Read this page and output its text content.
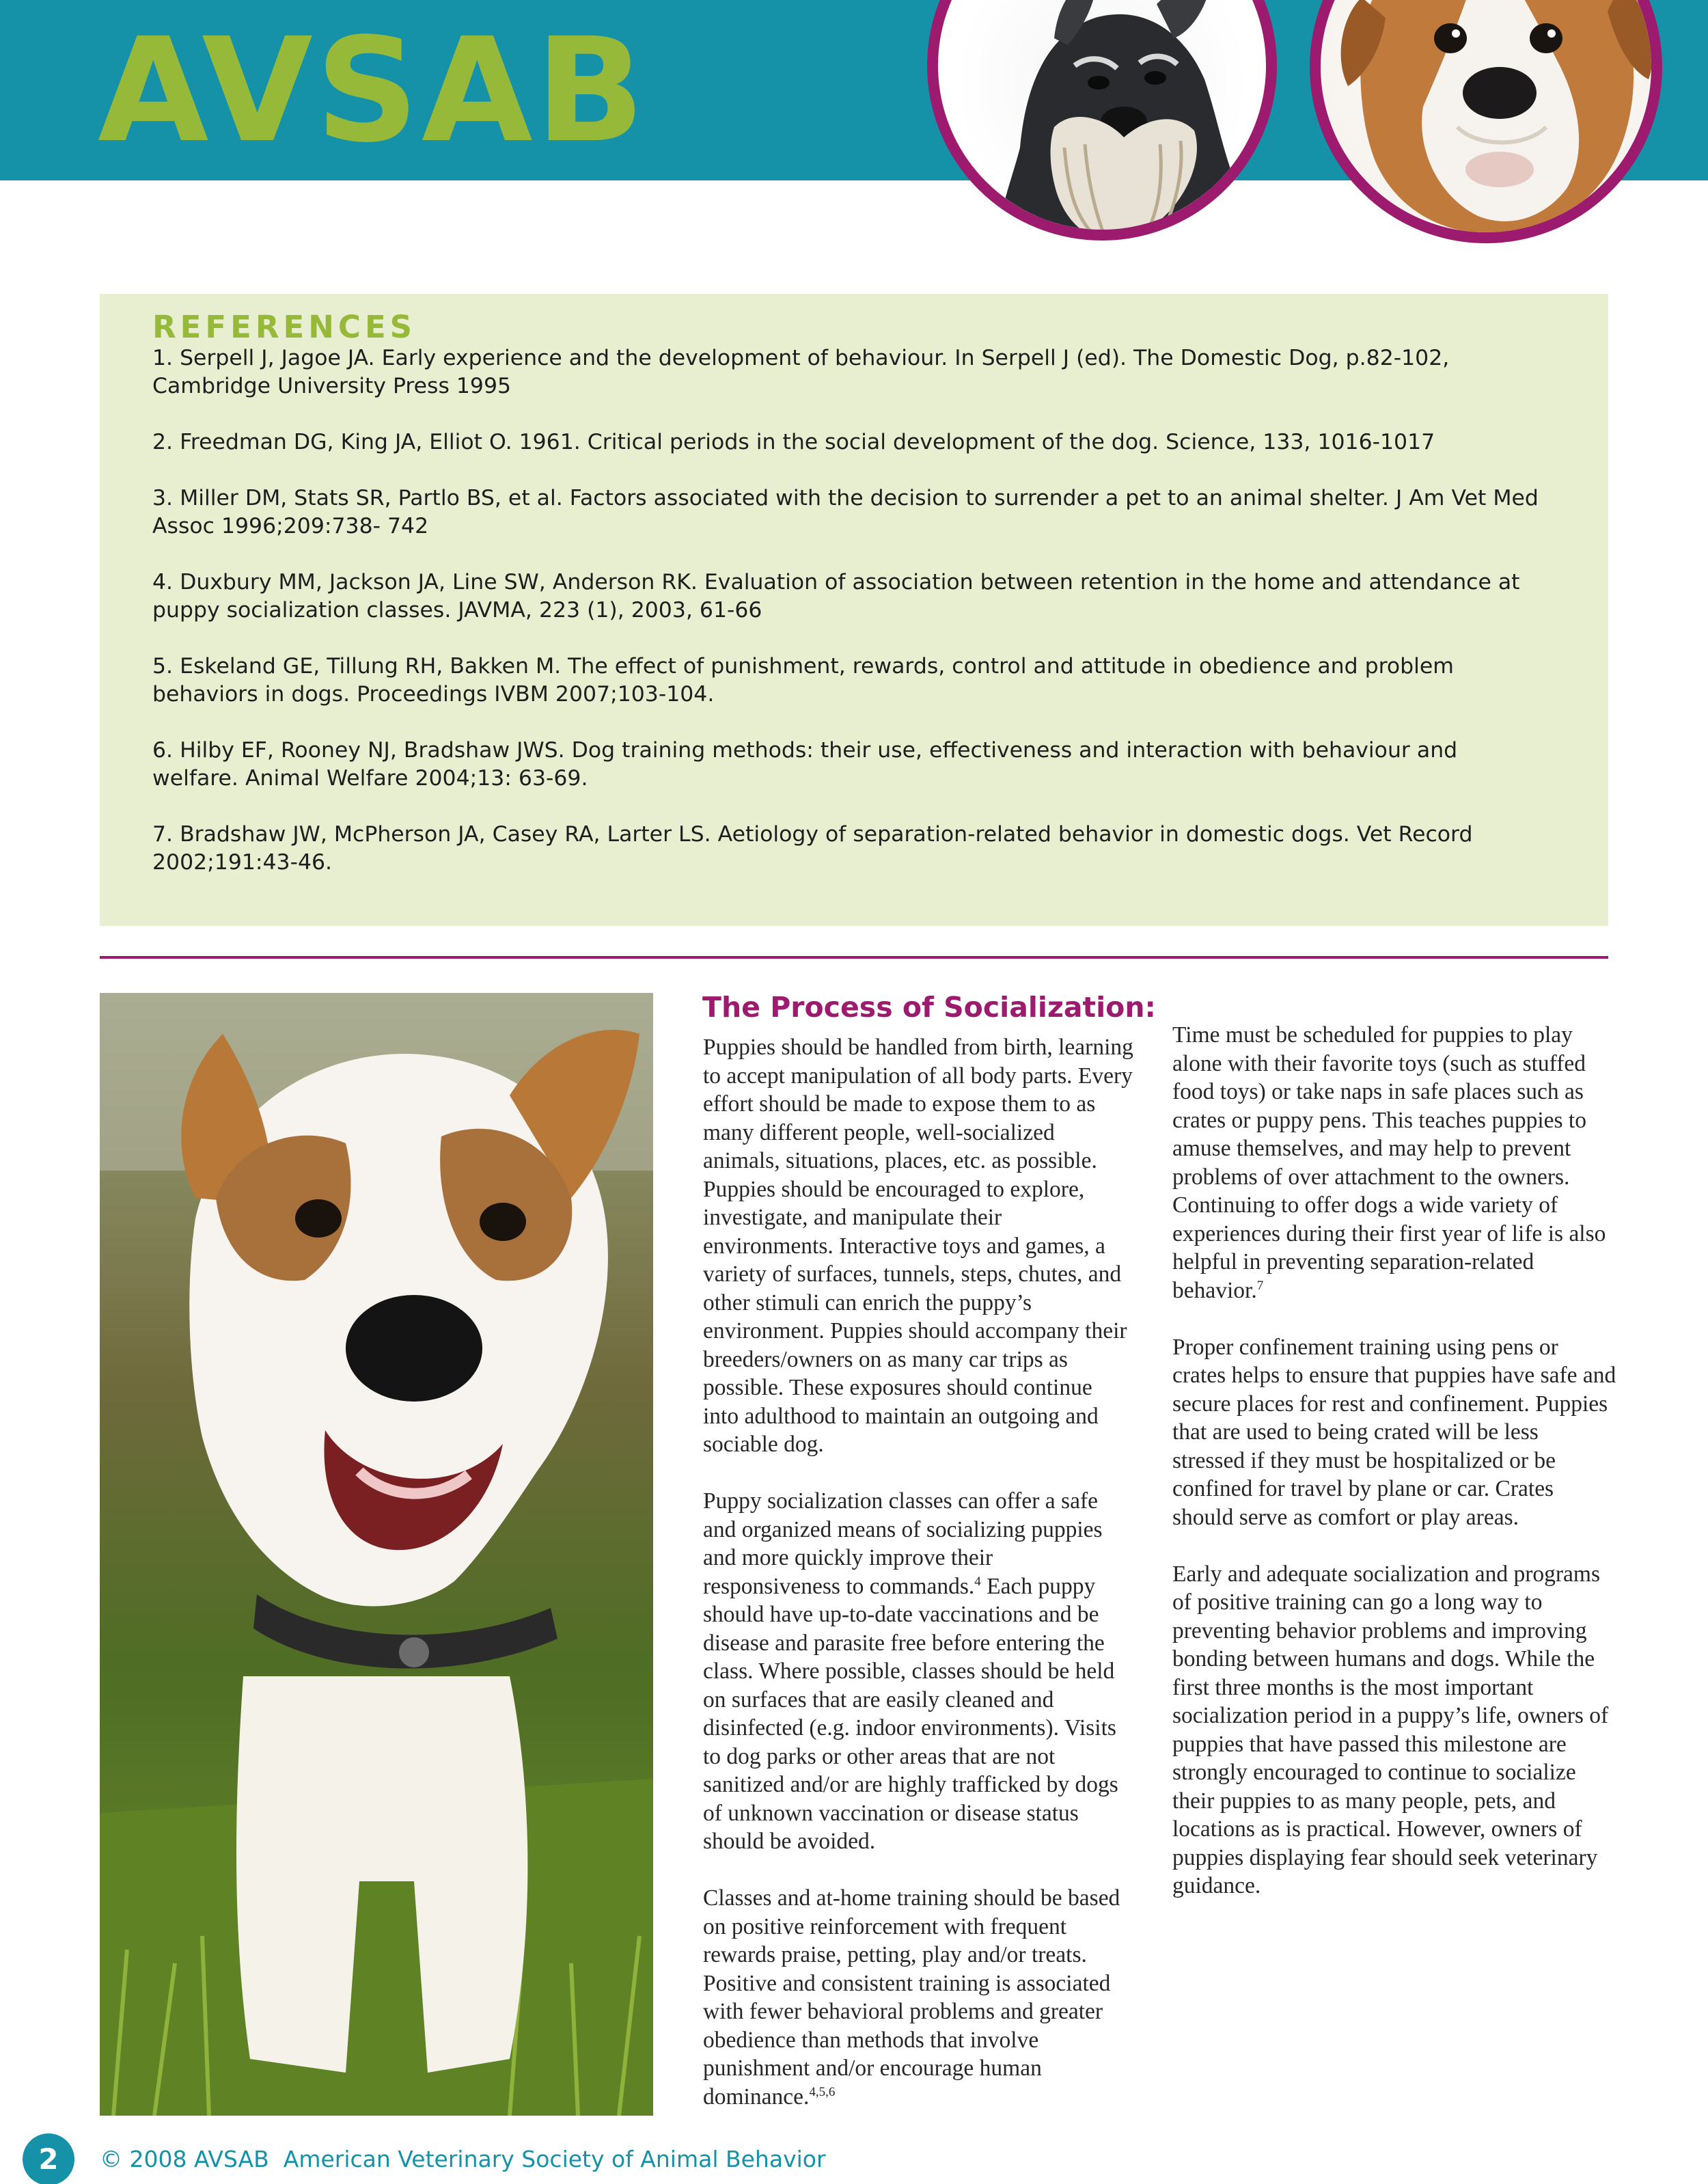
AVSAB
REFERENCES
1. Serpell J, Jagoe JA. Early experience and the development of behaviour. In Serpell J (ed). The Domestic Dog, p.82-102, Cambridge University Press 1995
2. Freedman DG, King JA, Elliot O. 1961. Critical periods in the social development of the dog. Science, 133, 1016-1017
3. Miller DM, Stats SR, Partlo BS, et al. Factors associated with the decision to surrender a pet to an animal shelter. J Am Vet Med Assoc 1996;209:738- 742
4. Duxbury MM, Jackson JA, Line SW, Anderson RK. Evaluation of association between retention in the home and attendance at puppy socialization classes. JAVMA, 223 (1), 2003, 61-66
5. Eskeland GE, Tillung RH, Bakken M. The effect of punishment, rewards, control and attitude in obedience and problem behaviors in dogs. Proceedings IVBM 2007;103-104.
6. Hilby EF, Rooney NJ, Bradshaw JWS. Dog training methods: their use, effectiveness and interaction with behaviour and welfare. Animal Welfare 2004;13: 63-69.
7. Bradshaw JW, McPherson JA, Casey RA, Larter LS. Aetiology of separation-related behavior in domestic dogs. Vet Record 2002;191:43-46.
The Process of Socialization:

Puppies should be handled from birth, learning to accept manipulation of all body parts. Every effort should be made to expose them to as many different people, well-socialized animals, situations, places, etc. as possible. Puppies should be encouraged to explore, investigate, and manipulate their environments. Interactive toys and games, a variety of surfaces, tunnels, steps, chutes, and other stimuli can enrich the puppy’s environment. Puppies should accompany their breeders/owners on as many car trips as possible. These exposures should continue into adulthood to maintain an outgoing and sociable dog.

Puppy socialization classes can offer a safe and organized means of socializing puppies and more quickly improve their responsiveness to commands.$^4$ Each puppy should have up-to-date vaccinations and be disease and parasite free before entering the class. Where possible, classes should be held on surfaces that are easily cleaned and disinfected (e.g. indoor environments). Visits to dog parks or other areas that are not sanitized and/or are highly trafficked by dogs of unknown vaccination or disease status should be avoided.

Classes and at-home training should be based on positive reinforcement with frequent rewards praise, petting, play and/or treats. Positive and consistent training is associated with fewer behavioral problems and greater obedience than methods that involve punishment and/or encourage human dominance.$^{4,5,6}$

Time must be scheduled for puppies to play alone with their favorite toys (such as stuffed food toys) or take naps in safe places such as crates or puppy pens. This teaches puppies to amuse themselves, and may help to prevent problems of over attachment to the owners. Continuing to offer dogs a wide variety of experiences during their first year of life is also helpful in preventing separation-related behavior.$^7$

Proper confinement training using pens or crates helps to ensure that puppies have safe and secure places for rest and confinement. Puppies that are used to being crated will be less stressed if they must be hospitalized or be confined for travel by plane or car. Crates should serve as comfort or play areas.

Early and adequate socialization and programs of positive training can go a long way to preventing behavior problems and improving bonding between humans and dogs. While the first three months is the most important socialization period in a puppy’s life, owners of puppies that have passed this milestone are strongly encouraged to continue to socialize their puppies to as many people, pets, and locations as is practical. However, owners of puppies displaying fear should seek veterinary guidance.

2	© 2008 AVSAB  American Veterinary Society of Animal Behavior
